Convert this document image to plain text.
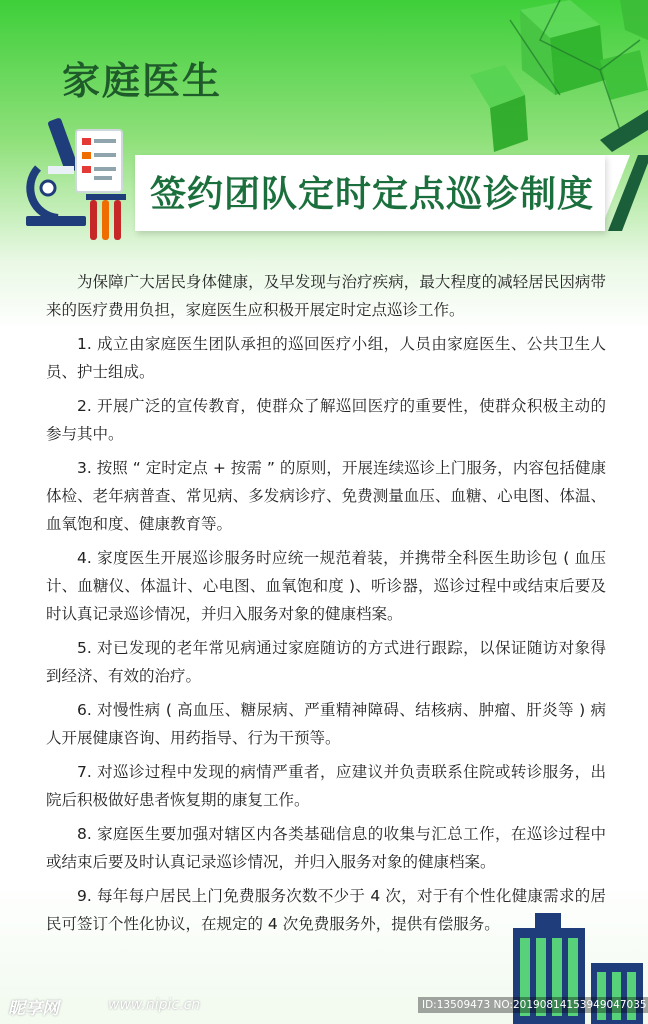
家庭医生
签约团队定时定点巡诊制度

为保障广大居民身体健康，及早发现与治疗疾病，最大程度的减轻居民因病带来的医疗费用负担，家庭医生应积极开展定时定点巡诊工作。

1. 成立由家庭医生团队承担的巡回医疗小组，人员由家庭医生、公共卫生人员、护士组成。

2. 开展广泛的宣传教育，使群众了解巡回医疗的重要性，使群众积极主动的参与其中。

3. 按照 “ 定时定点 + 按需 ” 的原则，开展连续巡诊上门服务，内容包括健康体检、老年病普查、常见病、多发病诊疗、免费测量血压、血糖、心电图、体温、血氧饱和度、健康教育等。

4. 家度医生开展巡诊服务时应统一规范着装，并携带全科医生助诊包 ( 血压计、血糖仪、体温计、心电图、血氧饱和度 )、听诊器，巡诊过程中或结束后要及时认真记录巡诊情况，并归入服务对象的健康档案。

5. 对已发现的老年常见病通过家庭随访的方式进行跟踪，以保证随访对象得到经济、有效的治疗。

6. 对慢性病 ( 高血压、糖尿病、严重精神障碍、结核病、肿瘤、肝炎等 ) 病人开展健康咨询、用药指导、行为干预等。

7. 对巡诊过程中发现的病情严重者，应建议并负责联系住院或转诊服务，出院后积极做好患者恢复期的康复工作。

8. 家庭医生要加强对辖区内各类基础信息的收集与汇总工作，在巡诊过程中或结束后要及时认真记录巡诊情况，并归入服务对象的健康档案。

9. 每年每户居民上门免费服务次数不少于 4 次，对于有个性化健康需求的居民可签订个性化协议，在规定的 4 次免费服务外，提供有偿服务。

昵享网	www.nipic.cn	ID:13509473 NO:20190814153949047035
